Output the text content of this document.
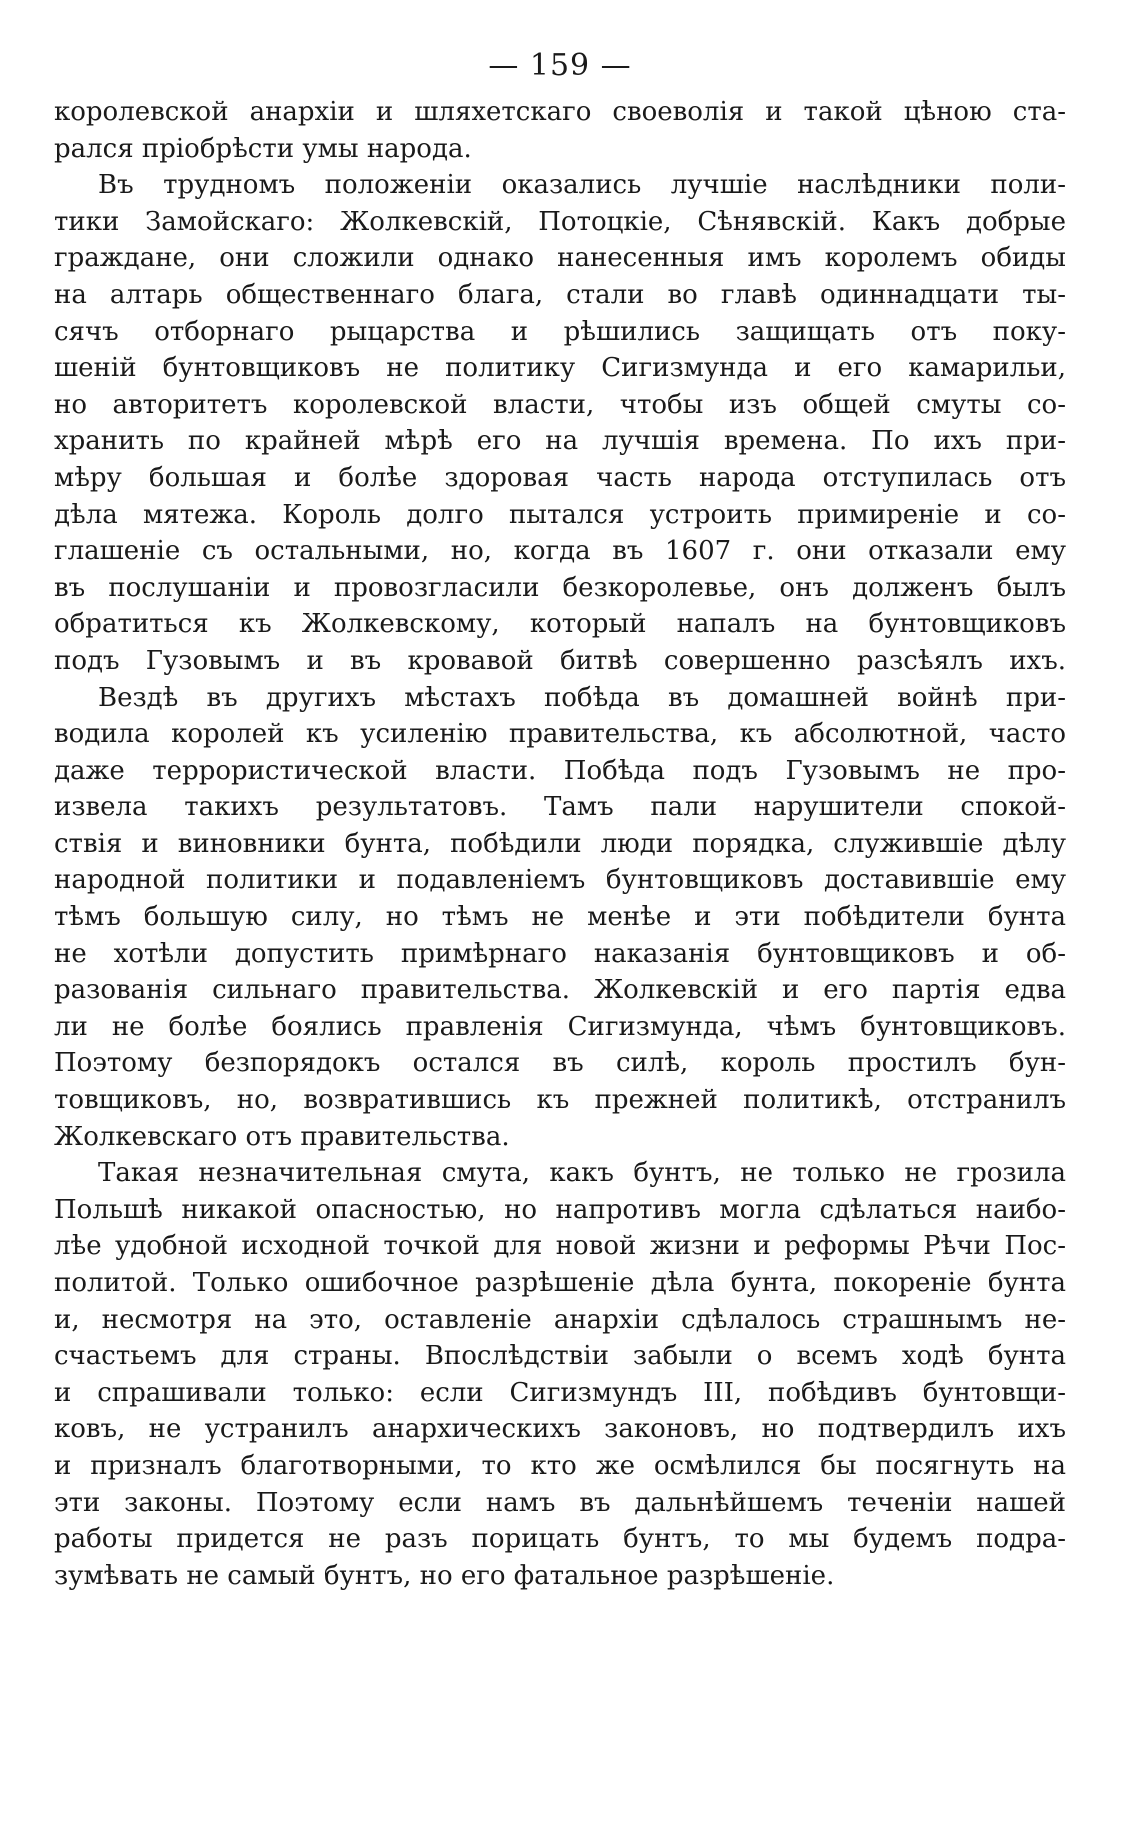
— 159 —

королевской анархіи и шляхетскаго своеволія и такой цѣною ста-
рался пріобрѣсти умы народа.

Въ трудномъ положеніи оказались лучшіе наслѣдники поли-
тики Замойскаго: Жолкевскій, Потоцкіе, Сѣнявскій. Какъ добрые
граждане, они сложили однако нанесенныя имъ королемъ обиды
на алтарь общественнаго блага, стали во главѣ одиннадцати ты-
сячъ отборнаго рыцарства и рѣшились защищать отъ поку-
шеній бунтовщиковъ не политику Сигизмунда и его камарильи,
но авторитетъ королевской власти, чтобы изъ общей смуты со-
хранить по крайней мѣрѣ его на лучшія времена. По ихъ при-
мѣру большая и болѣе здоровая часть народа отступилась отъ
дѣла мятежа. Король долго пытался устроить примиреніе и со-
глашеніе съ остальными, но, когда въ 1607 г. они отказали ему
въ послушаніи и провозгласили безкоролевье, онъ долженъ былъ
обратиться къ Жолкевскому, который напалъ на бунтовщиковъ
подъ Гузовымъ и въ кровавой битвѣ совершенно разсѣялъ ихъ.

Вездѣ въ другихъ мѣстахъ побѣда въ домашней войнѣ при-
водила королей къ усиленію правительства, къ абсолютной, часто
даже террористической власти. Побѣда подъ Гузовымъ не про-
извела такихъ результатовъ. Тамъ пали нарушители спокой-
ствія и виновники бунта, побѣдили люди порядка, служившіе дѣлу
народной политики и подавленіемъ бунтовщиковъ доставившіе ему
тѣмъ большую силу, но тѣмъ не менѣе и эти побѣдители бунта
не хотѣли допустить примѣрнаго наказанія бунтовщиковъ и об-
разованія сильнаго правительства. Жолкевскій и его партія едва
ли не болѣе боялись правленія Сигизмунда, чѣмъ бунтовщиковъ.
Поэтому безпорядокъ остался въ силѣ, король простилъ бун-
товщиковъ, но, возвратившись къ прежней политикѣ, отстранилъ
Жолкевскаго отъ правительства.

Такая незначительная смута, какъ бунтъ, не только не грозила
Польшѣ никакой опасностью, но напротивъ могла сдѣлаться наибо-
лѣе удобной исходной точкой для новой жизни и реформы Рѣчи Пос-
политой. Только ошибочное разрѣшеніе дѣла бунта, покореніе бунта
и, несмотря на это, оставленіе анархіи сдѣлалось страшнымъ не-
счастьемъ для страны. Впослѣдствіи забыли о всемъ ходѣ бунта
и спрашивали только: если Сигизмундъ III, побѣдивъ бунтовщи-
ковъ, не устранилъ анархическихъ законовъ, но подтвердилъ ихъ
и призналъ благотворными, то кто же осмѣлился бы посягнуть на
эти законы. Поэтому если намъ въ дальнѣйшемъ теченіи нашей
работы придется не разъ порицать бунтъ, то мы будемъ подра-
зумѣвать не самый бунтъ, но его фатальное разрѣшеніе.
